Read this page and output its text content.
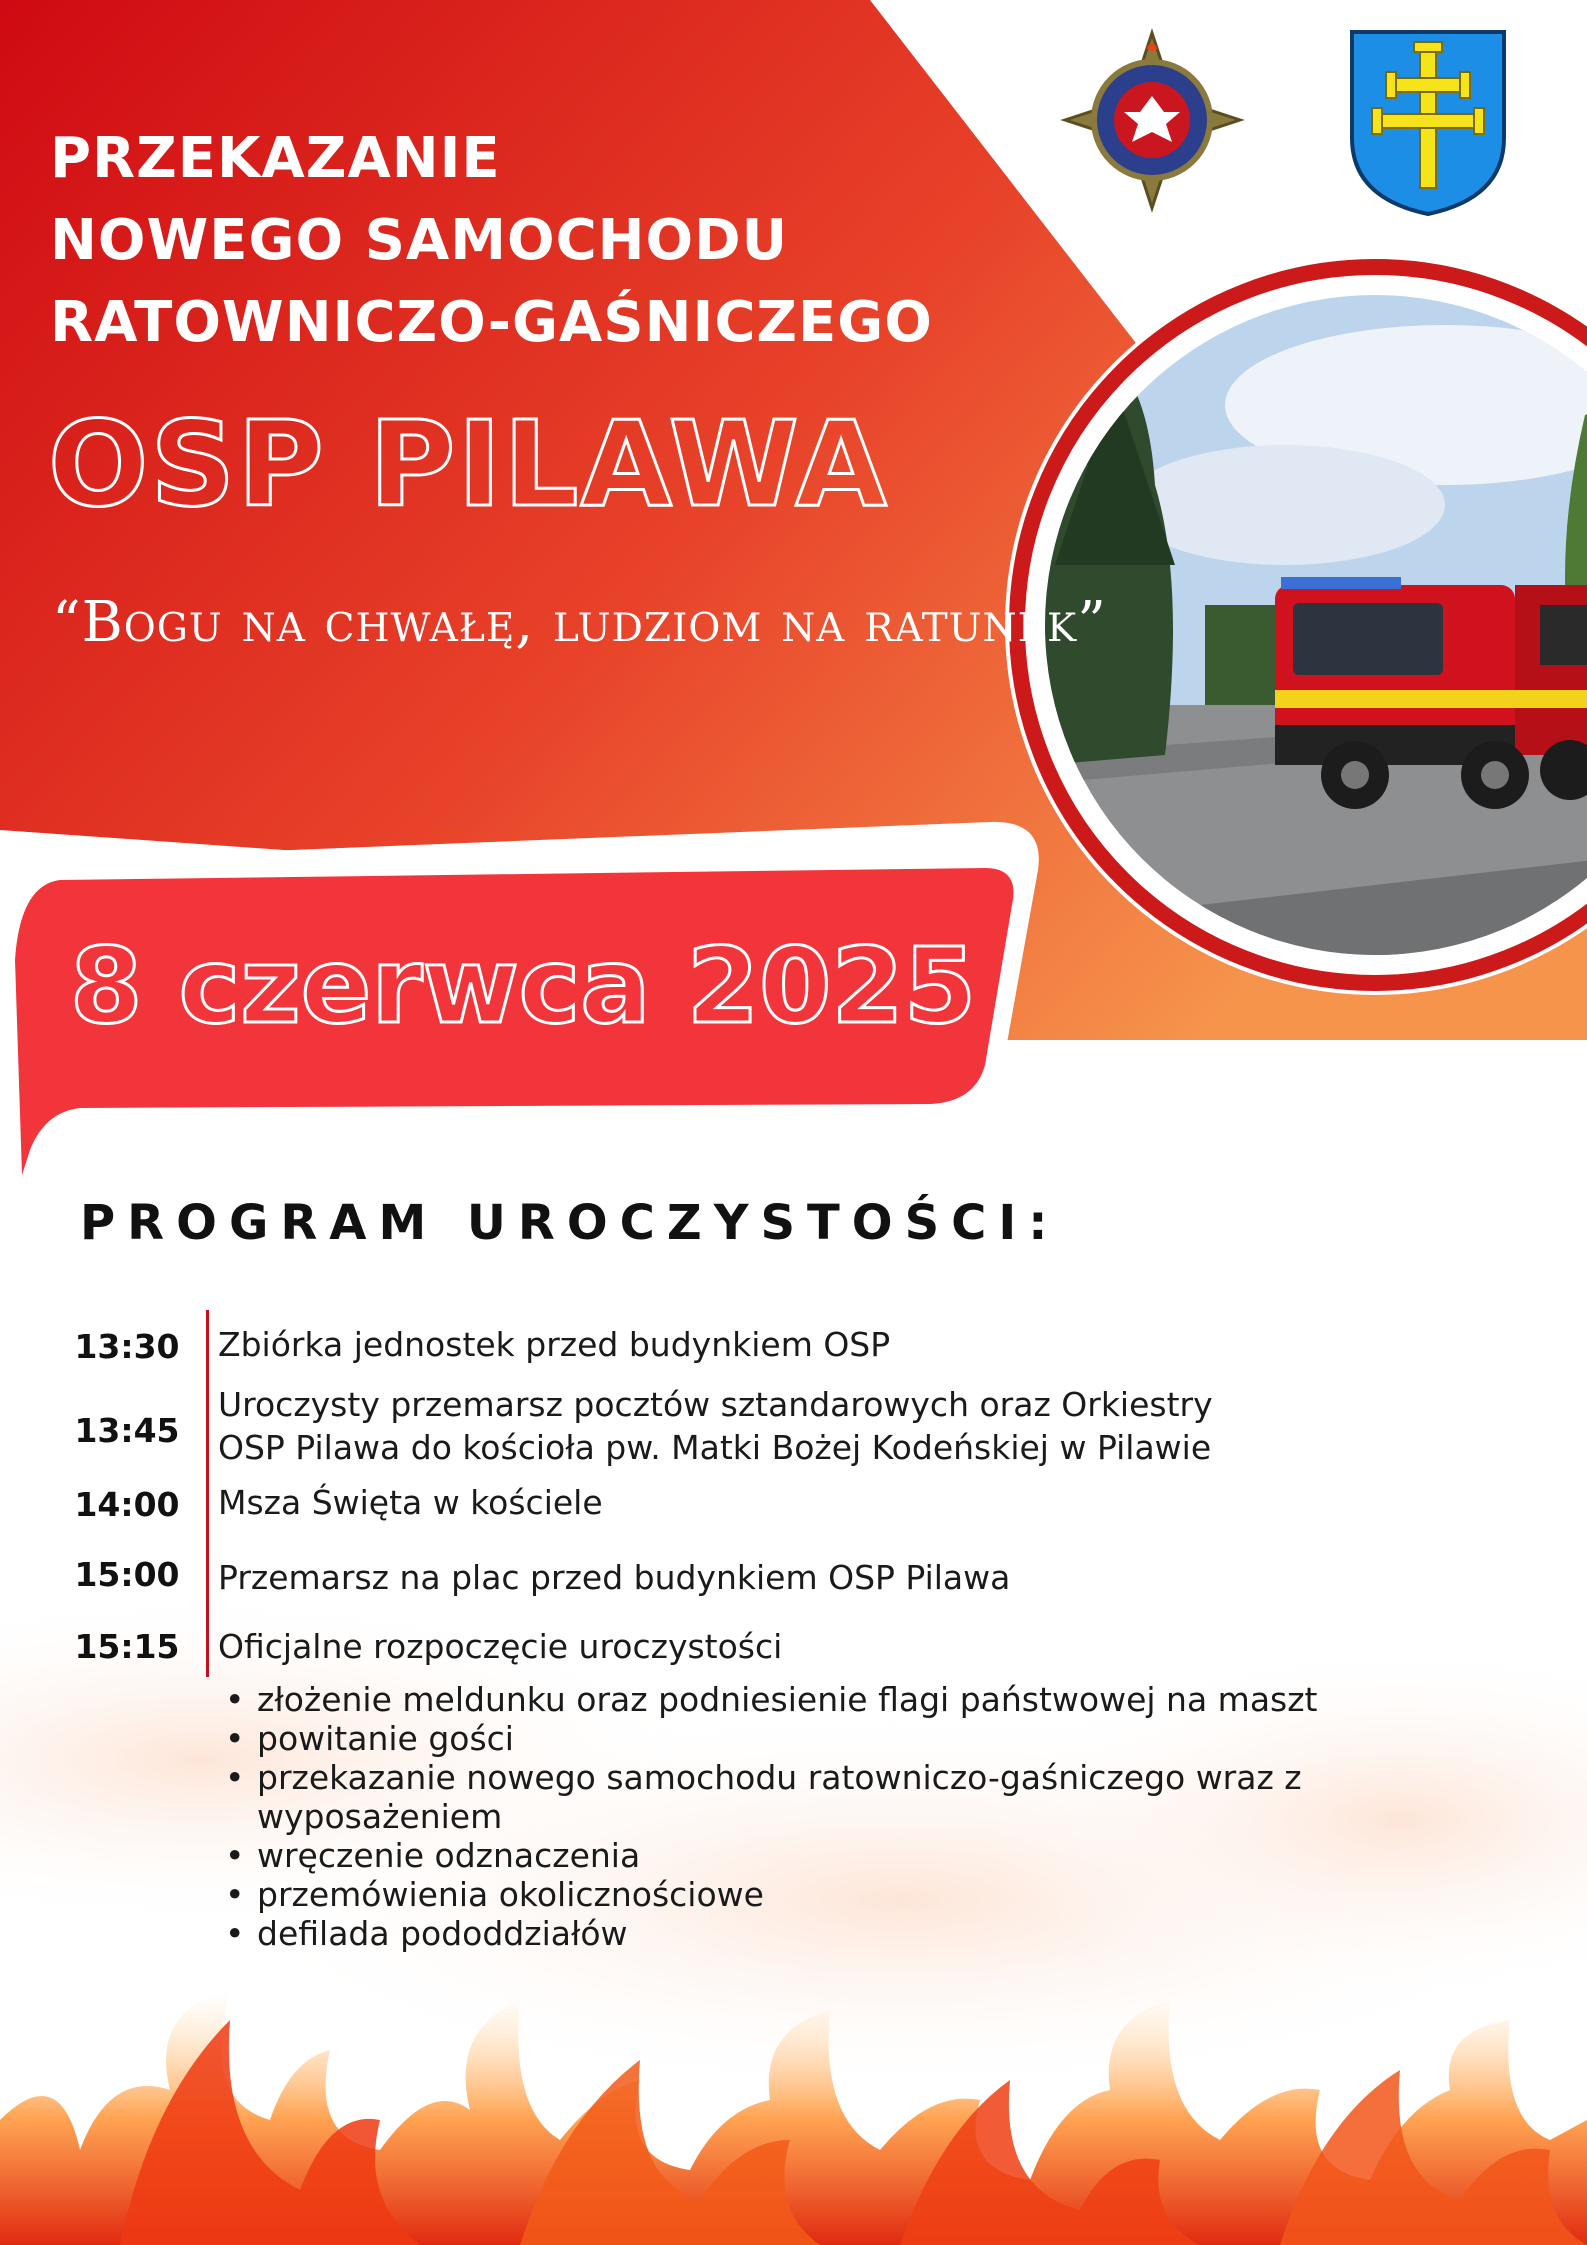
PRZEKAZANIE

NOWEGO SAMOCHODU

RATOWNICZO-GAŚNICZEGO

OSP PILAWA

“Bogu na chwałę, ludziom na ratunek”
8 czerwca 2025
PROGRAM UROCZYSTOŚCI:
13:30 Zbiórka jednostek przed budynkiem OSP
13:45
Uroczysty przemarsz pocztów sztandarowych oraz Orkiestry
OSP Pilawa do kościoła pw. Matki Bożej Kodeńskiej w Pilawie
14:00 Msza Święta w kościele
15:00 Przemarsz na plac przed budynkiem OSP Pilawa
15:15 Oficjalne rozpoczęcie uroczystości
• złożenie meldunku oraz podniesienie flagi państwowej na maszt
• powitanie gości
• przekazanie nowego samochodu ratowniczo-gaśniczego wraz z
wyposażeniem
• wręczenie odznaczenia
• przemówienia okolicznościowe
• defilada pododdziałów
